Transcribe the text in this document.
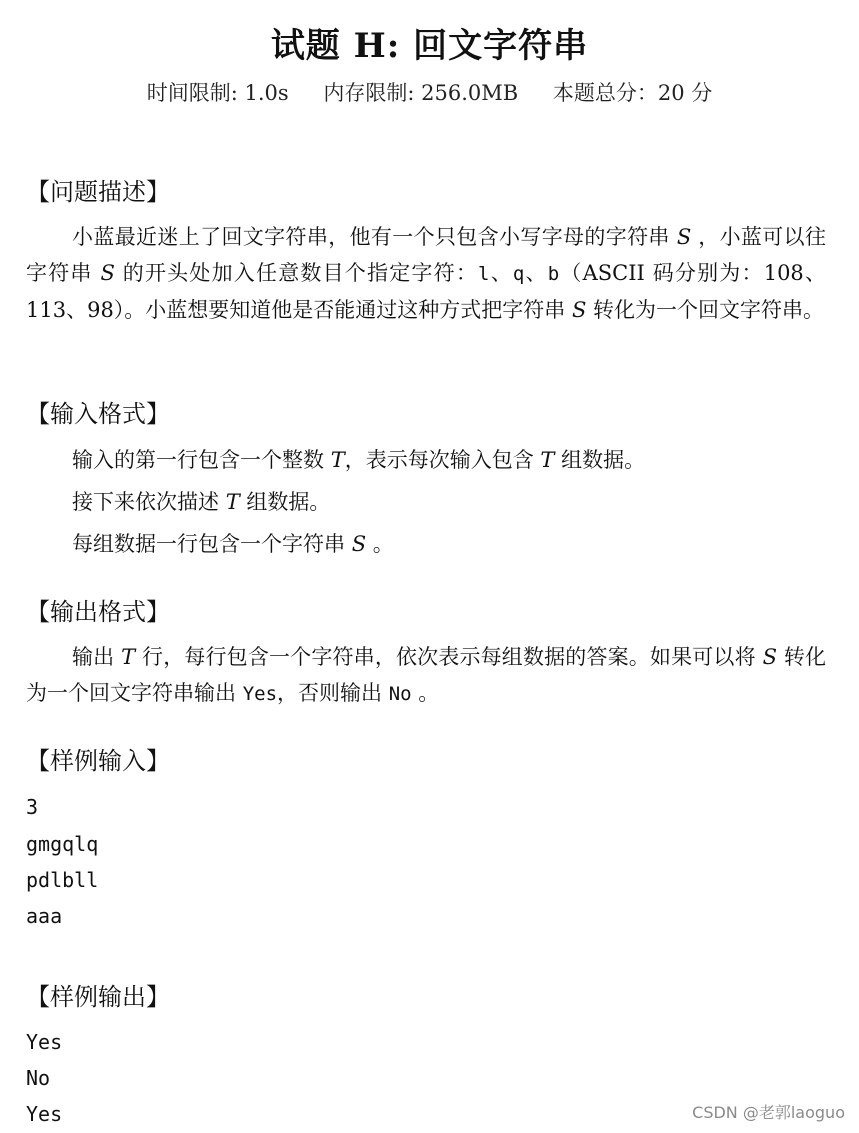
试题 H: 回文字符串
时间限制: 1.0s 内存限制: 256.0MB 本题总分：20 分
【问题描述】
小蓝最近迷上了回文字符串，他有一个只包含小写字母的字符串 S ，小蓝可以往字符串 S 的开头处加入任意数目个指定字符：l、q、b（ASCII 码分别为：108、113、98）。小蓝想要知道他是否能通过这种方式把字符串 S 转化为一个回文字符串。
【输入格式】
输入的第一行包含一个整数 T，表示每次输入包含 T 组数据。
接下来依次描述 T 组数据。
每组数据一行包含一个字符串 S 。
【输出格式】
输出 T 行，每行包含一个字符串，依次表示每组数据的答案。如果可以将 S 转化为一个回文字符串输出 Yes，否则输出 No 。
【样例输入】
3
gmgqlq
pdlbll
aaa
【样例输出】
Yes
No
Yes	CSDN @老郭laoguo
